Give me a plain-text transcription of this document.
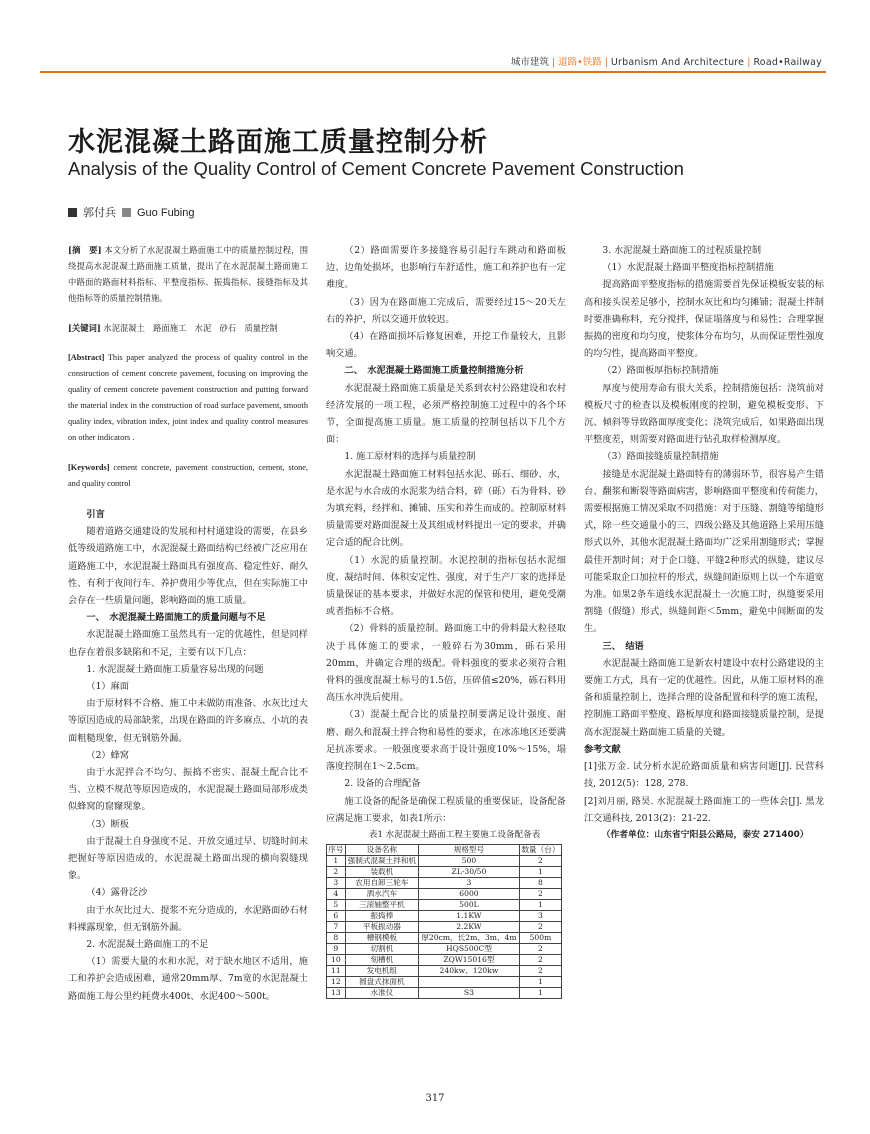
城市建筑 | 道路•铁路 | Urbanism And Architecture | Road•Railway
水泥混凝土路面施工质量控制分析
Analysis of the Quality Control of Cement Concrete Pavement Construction
郭付兵 Guo Fubing

[摘　要] 本文分析了水泥混凝土路面施工中的质量控制过程，围绕提高水泥混凝土路面施工质量，提出了在水泥混凝土路面施工中路面的路面材料指标、平整度指标、振捣指标、接缝指标及其他指标等的质量控制措施。

[关键词] 水泥混凝土　路面施工　水泥　砂石　质量控制

[Abstract] This paper analyzed the process of quality control in the construction of cement concrete pavement, focusing on improving the quality of cement concrete pavement construction and putting forward the material index in the construction of road surface pavement, smooth quality index, vibration index, joint index and quality control measures on other indicators .

[Keywords] cement concrete, pavement construction, cement, stone, and quality control

引言

随着道路交通建设的发展和村村通建设的需要，在县乡低等级道路施工中，水泥混凝土路面结构已经被广泛应用在道路施工中，水泥混凝土路面具有强度高、稳定性好、耐久性、有利于夜间行车、养护费用少等优点，但在实际施工中会存在一些质量问题，影响路面的施工质量。

一、　水泥混凝土路面施工的质量问题与不足

水泥混凝土路面施工虽然具有一定的优越性，但是同样也存在着很多缺陷和不足，主要有以下几点：

1. 水泥混凝土路面施工质量容易出现的问题

（1）麻面

由于原材料不合格、施工中未做防雨准备、水灰比过大等原因造成的局部缺浆，出现在路面的许多麻点、小坑的表面粗糙现象，但无钢筋外漏。

（2）蜂窝

由于水泥拌合不均匀、振捣不密实、混凝土配合比不当、立模不规范等原因造成的，水泥混凝土路面局部形成类似蜂窝的窟窿现象。

（3）断板

由于混凝土自身强度不足、开放交通过早、切缝时间未把握好等原因造成的，水泥混凝土路面出现的横向裂缝现象。

（4）露骨泛沙

由于水灰比过大、提浆不充分造成的，水泥路面砂石材料裸露现象，但无钢筋外漏。

2. 水泥混凝土路面施工的不足

（1）需要大量的水和水泥，对于缺水地区不适用，施工和养护会造成困难，通常20mm厚、7m宽的水泥混凝土路面施工每公里约耗费水400t、水泥400～500t。

（2）路面需要许多接缝容易引起行车跳动和路面板边、边角处损坏，也影响行车舒适性，施工和养护也有一定难度。

（3）因为在路面施工完成后，需要经过15～20天左右的养护，所以交通开放较迟。

（4）在路面损坏后修复困难，开挖工作量较大，且影响交通。

二、　水泥混凝土路面施工质量控制措施分析

水泥混凝土路面施工质量是关系到农村公路建设和农村经济发展的一项工程，必须严格控制施工过程中的各个环节，全面提高施工质量。施工质量的控制包括以下几个方面：

1. 施工原材料的选择与质量控制

水泥混凝土路面施工材料包括水泥、砾石、细砂、水，是水泥与水合成的水泥浆为结合料，碎（砾）石为骨料、砂为填充料，经拌和、摊铺、压实和养生而成的。控制原材料质量需要对路面混凝土及其组成材料提出一定的要求，并确定合适的配合比例。

（1）水泥的质量控制。水泥控制的指标包括水泥细度、凝结时间、体积安定性、强度，对于生产厂家的选择是质量保证的基本要求，并做好水泥的保管和使用，避免受潮或者指标不合格。

（2）骨料的质量控制。路面施工中的骨料最大粒径取决于具体施工的要求，一般碎石为30mm，砾石采用20mm，并确定合理的级配。骨料强度的要求必须符合粗骨料的强度混凝土标号的1.5倍，压碎值≤20%，砾石料用高压水冲洗后使用。

（3）混凝土配合比的质量控制要满足设计强度、耐磨、耐久和混凝土拌合物和易性的要求，在冰冻地区还要满足抗冻要求。一般强度要求高于设计强度10%～15%，塌落度控制在1～2.5cm。

2. 设备的合理配备

施工设备的配备是确保工程质量的重要保证，设备配备应满足施工要求，如表1所示：

表1 水泥混凝土路面工程主要施工设备配备表

序号	设备名称	规格型号	数量（台）
1	强制式混凝土拌和机	500	2
2	装载机	ZL-30/50	1
3	农用自卸三轮车	3	8
4	洒水汽车	6000	2
5	三滚轴整平机	500L	1
6	振捣棒	1.1KW	3
7	平板振动器	2.2KW	2
8	槽钢模板	厚20cm，长2m、3m、4m	500m
9	切割机	HQS500C型	2
10	刻槽机	ZQW15016型	2
11	发电机组	240kw、120kw	2
12	圆盘式抹面机		1
13	水准仪	S3	1

3. 水泥混凝土路面施工的过程质量控制

（1）水泥混凝土路面平整度指标控制措施

提高路面平整度指标的措施需要首先保证模板安装的标高和接头误差足够小，控制水灰比和均匀摊铺；混凝土拌制时要准确称料，充分搅拌，保证塌落度与和易性；合理掌握振捣的密度和均匀度，使浆体分布均匀，从而保证塑性强度的均匀性，提高路面平整度。

（2）路面板厚指标控制措施

厚度与使用寿命有很大关系，控制措施包括：浇筑前对模板尺寸的检查以及模板刚度的控制，避免模板变形、下沉、倾斜等导致路面厚度变化；浇筑完成后，如果路面出现平整度差，则需要对路面进行钻孔取样检测厚度。

（3）路面接缝质量控制措施

接缝是水泥混凝土路面特有的薄弱环节，很容易产生错台、翻浆和断裂等路面病害，影响路面平整度和传荷能力，需要根据施工情况采取不同措施：对于压缝、割缝等缩缝形式，除一些交通量小的三、四级公路及其他道路上采用压缝形式以外，其他水泥混凝土路面均广泛采用割缝形式；掌握最佳开割时间；对于企口缝、平缝2种形式的纵缝，建议尽可能采取企口加拉杆的形式，纵缝间距原则上以一个车道宽为准。如果2条车道线水泥混凝土一次施工时，纵缝要采用割缝（假缝）形式，纵缝间距＜5mm，避免中间断面的发生。

三、　结语

水泥混凝土路面施工是新农村建设中农村公路建设的主要施工方式，具有一定的优越性。因此，从施工原材料的准备和质量控制上，选择合理的设备配置和科学的施工流程，控制施工路面平整度、路板厚度和路面接缝质量控制，是提高水泥混凝土路面施工质量的关键。

参考文献

[1]张万金. 试分析水泥砼路面质量和病害问题[J]. 民营科技, 2012(5)：128, 278.

[2]刘月丽, 路昊. 水泥混凝土路面施工的一些体会[J]. 黑龙江交通科技, 2013(2)：21-22.

（作者单位：山东省宁阳县公路局，泰安 271400）

317
